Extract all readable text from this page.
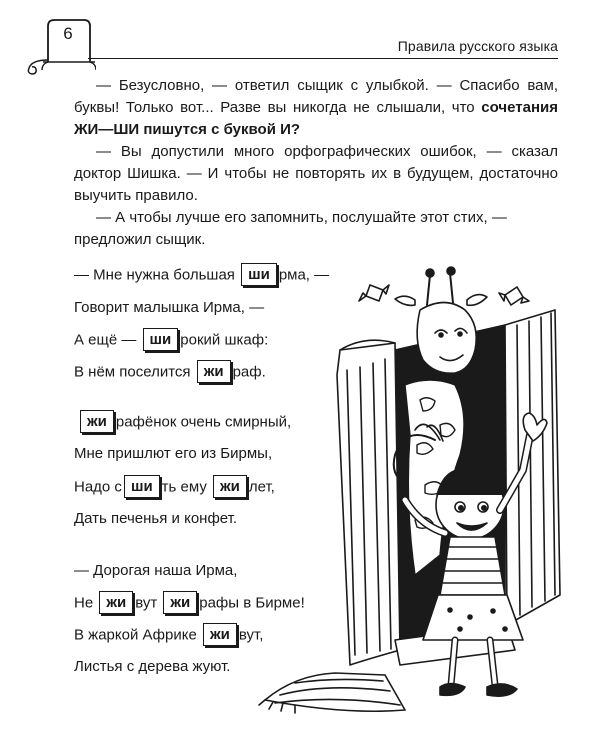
6
Правила русского языка

— Безусловно, — ответил сыщик с улыбкой. — Спасибо вам, буквы! Только вот... Разве вы никогда не слышали, что сочетания ЖИ—ШИ пишутся с буквой И?

— Вы допустили много орфографических ошибок, — сказал доктор Шишка. — И чтобы не повторять их в будущем, достаточно выучить правило.

— А чтобы лучше его запомнить, послушайте этот стих, — предложил сыщик.

— Мне нужна большая ши рма, —
Говорит малышка Ирма, —
А ещё — ши рокий шкаф:
В нём поселится жи раф.
жи рафёнок очень смирный,
Мне пришлют его из Бирмы,
Надо с ши ть ему жи лет,
Дать печенья и конфет.
— Дорогая наша Ирма,
Не жи вут жи рафы в Бирме!
В жаркой Африке жи вут,
Листья с дерева жуют.
